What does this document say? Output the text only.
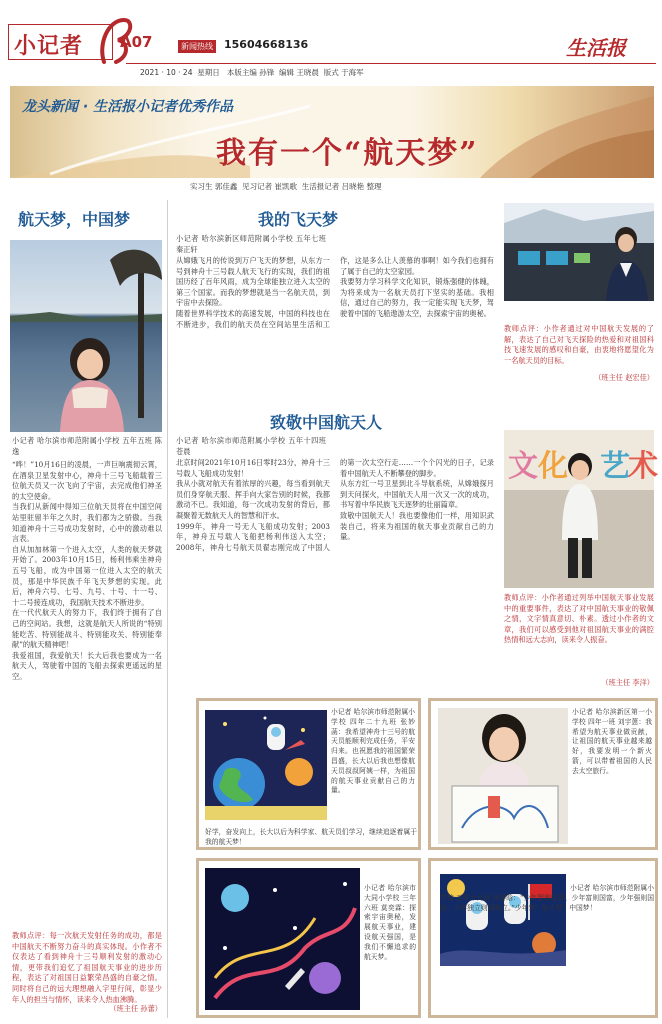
小记者 A07	新闻热线 15604668136	生活报
2021 · 10 · 24  星期日   本版主编 孙锋  编辑 王晓晨  版式 于海军
龙头新闻 · 生活报小记者优秀作品
我有一个“航天梦”
实习生 郭佳鑫  见习记者 崔凯歌  生活报记者 吕晓艳 整理
航天梦，中国梦
小记者 哈尔滨市师范附属小学校 五年五班 陈逸
“哗！”10月16日的凌晨，一声巨响震彻云霄，在酒泉卫星发射中心，神舟十三号飞船载着三位航天员又一次飞向了宇宙，去完成他们神圣的太空使命。
当我们从新闻中得知三位航天员将在中国空间站里驻留半年之久时，我们都为之骄傲。当我知道神舟十三号成功发射时，心中的激动难以言表。
自从加加林第一个进入太空，人类的航天梦就开始了。2003年10月15日，杨利伟乘坐神舟五号飞船，成为中国第一位进入太空的航天员，那是中华民族千年飞天梦想的实现。此后，神舟六号、七号、九号、十号、十一号、十二号接连成功，我国航天技术不断进步。
在一代代航天人的努力下，我们终于拥有了自己的空间站。我想，这就是航天人所说的“特别能吃苦、特别能战斗、特别能攻关、特别能奉献”的航天精神吧！
我爱祖国，我爱航天！长大后我也要成为一名航天人，驾驶着中国的飞船去探索更遥远的星空。
教师点评：每一次航天发射任务的成功，都是中国航天不断努力奋斗的真实体现。小作者不仅表达了看到神舟十三号顺利发射的激动心情，更带我们追忆了祖国航天事业的进步历程，表达了对祖国日益繁荣昌盛的自豪之情。同时将自己的远大理想融入字里行间，彰显少年人的担当与情怀，读来令人热血沸腾。
（班主任 孙蕾）
我的飞天梦
小记者 哈尔滨新区师范附属小学校 五年七班 秦正轩
从嫦娥飞月的传说到万户飞天的梦想，从东方一号到神舟十三号载人航天飞行的实现，我们的祖国历经了百年风雨，成为全球能独立进入太空的第三个国家。而我的梦想就是当一名航天员，到宇宙中去探险。
随着世界科学技术的高速发展，中国的科技也在不断进步，我们的航天员在空间站里生活和工作，这是多么让人羡慕的事啊！如今我们也拥有了属于自己的太空家园。
我要努力学习科学文化知识，锻炼强健的体魄，为将来成为一名航天员打下坚实的基础。我相信，通过自己的努力，我一定能实现飞天梦，驾驶着中国的飞船遨游太空，去探索宇宙的奥秘。
教师点评：小作者通过对中国航天发展的了解，表达了自己对飞天探险的热爱和对祖国科技飞速发展的感叹和自豪，由衷地将愿望化为一名航天员的目标。
（班主任 赵宏佳）
致敬中国航天人
小记者 哈尔滨市师范附属小学校 五年十四班 苍晨
北京时间2021年10月16日零时23分，神舟十三号载人飞船成功发射！
我从小就对航天有着浓厚的兴趣，每当看到航天员们身穿航天服、挥手向大家告别的时候，我都激动不已。我知道，每一次成功发射的背后，都凝聚着无数航天人的智慧和汗水。
1999年，神舟一号无人飞船成功发射；2003年，神舟五号载人飞船把杨利伟送入太空；2008年，神舟七号航天员翟志刚完成了中国人的第一次太空行走……一个个闪光的日子，记录着中国航天人不断攀登的脚步。
从东方红一号卫星到北斗导航系统，从嫦娥探月到天问探火，中国航天人用一次又一次的成功，书写着中华民族飞天逐梦的壮丽篇章。
致敬中国航天人！我也要像他们一样，用知识武装自己，将来为祖国的航天事业贡献自己的力量。
文 化 艺
术
教师点评：小作者通过列举中国航天事业发展中的重要事件，表达了对中国航天事业的敬佩之情，文字情真意切、朴素。透过小作者的文章，我们可以感受到他对祖国航天事业的满腔热情和远大志向，读来令人振奋。
（班主任 李洋）
小记者 哈尔滨市师范附属小学校 四年二十九班 张妙菡：我希望神舟十三号的航天员能顺利完成任务，平安归来。也祝愿我的祖国繁荣昌盛，长大以后我也想像航天员叔叔阿姨一样，为祖国的航天事业贡献自己的力量。
好学，奋发向上，长大以后为科学家、航天员们学习，继续追逐着属于我的航天梦！
小记者 哈尔滨新区第一小学校 四年一班 刘宇蒽：我希望为航天事业做贡献，让祖国的航天事业越来越好，我要发明一个新火箭，可以带着祖国的人民去太空旅行。
小记者 哈尔滨市大同小学校 三年六班 莫奕霖：探索宇宙奥秘，发展航天事业，建设航天强国，是我们不懈追求的航天梦。
小记者 哈尔滨市师范附属小学校 五年十九班 徐睿晗：“少年智则国智，少年富则国富，少年强则国强，少年独立则国独立。”少年梦！航天梦！中国梦！
